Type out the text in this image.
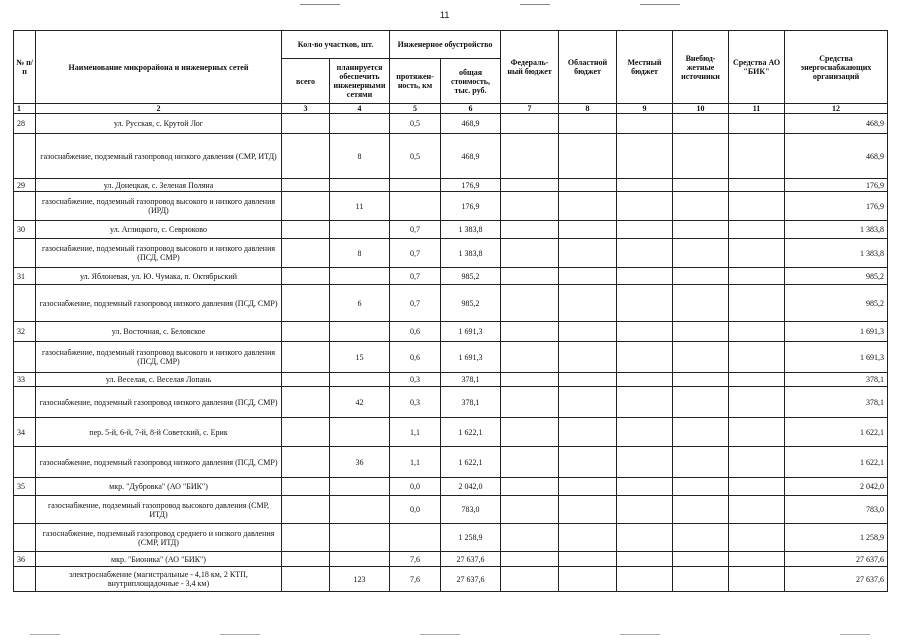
11
№ п/п	Наименование микрорайона и инженерных сетей	Кол-во участков, шт.		Инженерное обустройство		Федераль-ный бюджет	Областной бюджет	Местный бюджет	Внебюд-жетные источники	Средства АО "БИК"	Средства энергоснабжающих организаций
		всего	планируется обеспечить инженерными сетями	протяжен-ность, км	общая стоимость, тыс. руб.						
1	2	3	4	5	6	7	8	9	10	11	12
28	ул. Русская, с. Крутой Лог			0,5	468,9						468,9
	газоснабжение, подземный газопровод низкого давления (СМР, ИТД)		8	0,5	468,9						468,9
29	ул. Донецкая, с. Зеленая Поляна				176,9						176,9
	газоснабжение, подземный газопровод высокого и низкого давления (ИРД)		11		176,9						176,9
30	ул. Аглицкого, с. Севрюково			0,7	1 383,8						1 383,8
	газоснабжение, подземный газопровод высокого и низкого давления (ПСД, СМР)		8	0,7	1 383,8						1 383,8
31	ул. Яблоневая, ул. Ю. Чумака, п. Октябрьский			0,7	985,2						985,2
	газоснабжение, подземный газопровод низкого давления (ПСД, СМР)		6	0,7	985,2						985,2
32	ул. Восточная, с. Беловское			0,6	1 691,3						1 691,3
	газоснабжение, подземный газопровод высокого и низкого давления (ПСД, СМР)		15	0,6	1 691,3						1 691,3
33	ул. Веселая, с. Веселая Лопань			0,3	378,1						378,1
	газоснабжение, подземный газопровод низкого давления (ПСД, СМР)		42	0,3	378,1						378,1
34	пер. 5-й, 6-й, 7-й, 8-й Советский, с. Ерик			1,1	1 622,1						1 622,1
	газоснабжение, подземный газопровод низкого давления (ПСД, СМР)		36	1,1	1 622,1						1 622,1
35	мкр. "Дубровка" (АО "БИК")			0,0	2 042,0						2 042,0
	газоснабжение, подземный газопровод высокого давления (СМР, ИТД)			0,0	783,0						783,0
	газоснабжение, подземный газопровод среднего и низкого давления (СМР, ИТД)				1 258,9						1 258,9
36	мкр. "Бионика" (АО "БИК")			7,6	27 637,6						27 637,6
	электроснабжение (магистральные - 4,18 км, 2 КТП, внутриплощадочные - 3,4 км)		123	7,6	27 637,6						27 637,6
